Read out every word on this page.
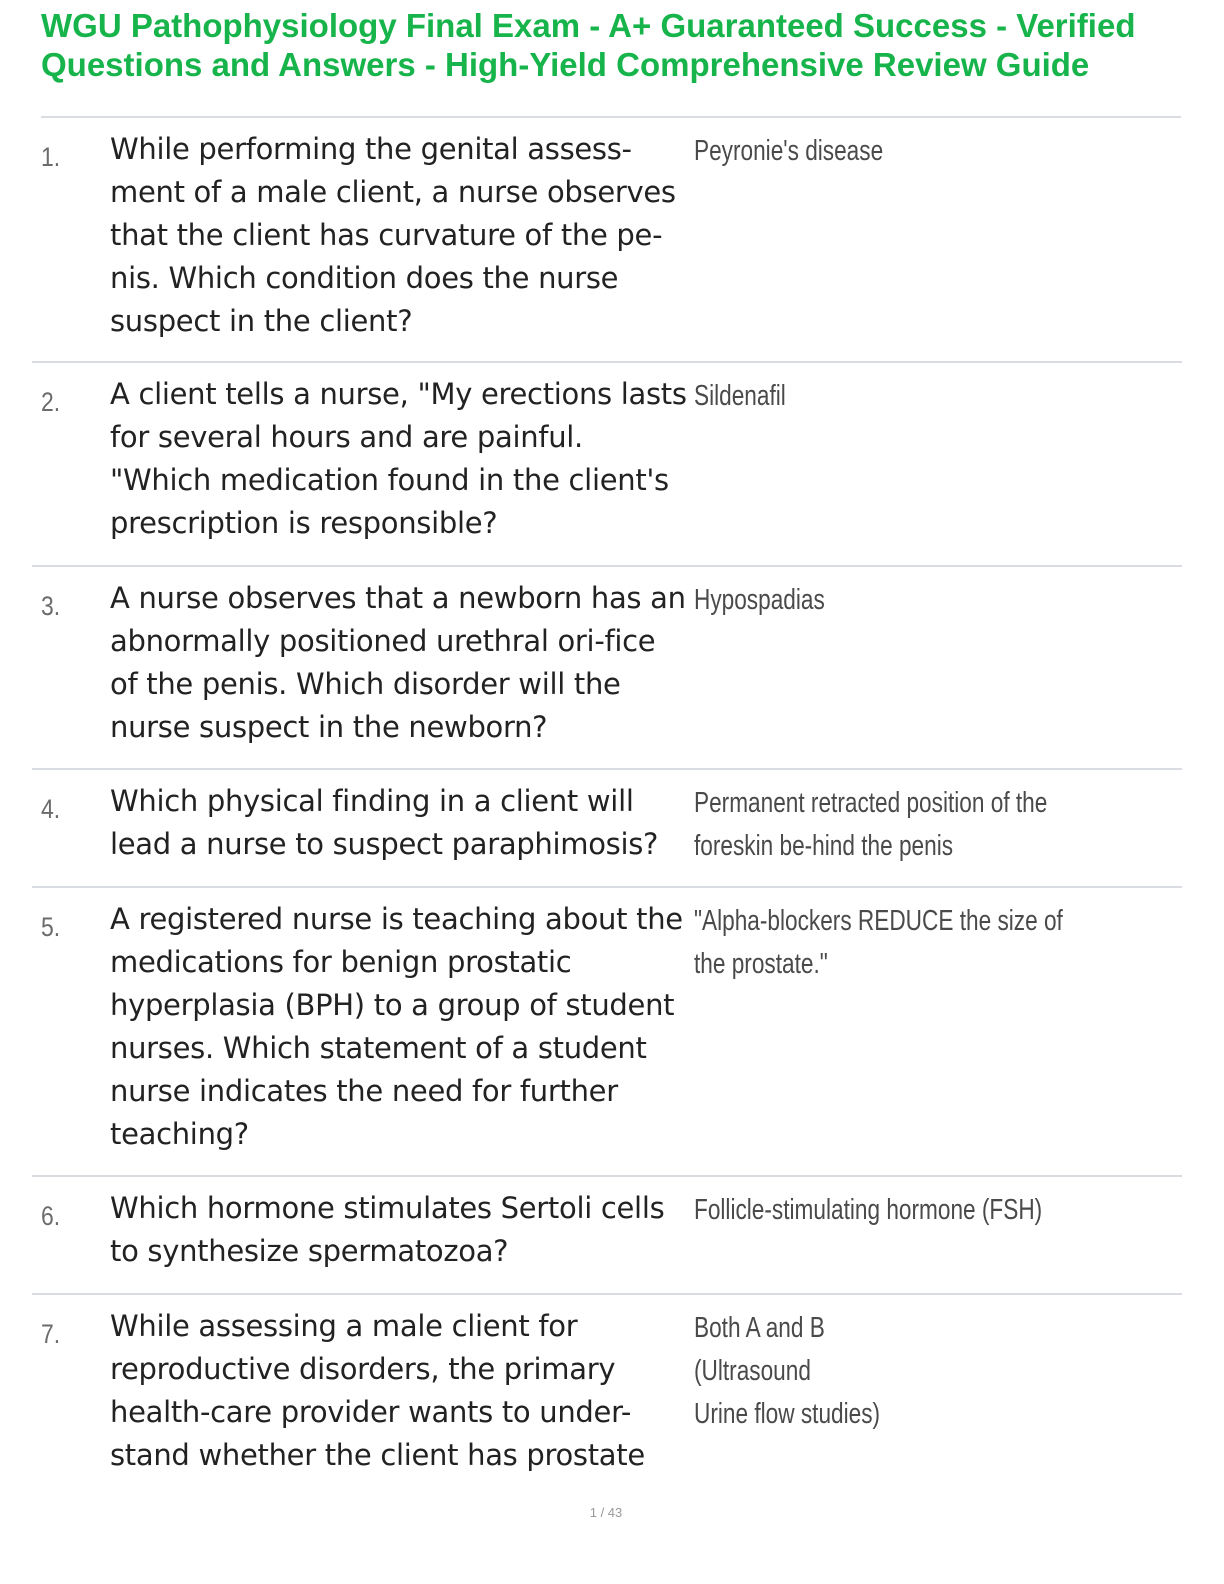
WGU Pathophysiology Final Exam - A+ Guaranteed Success - Verified Questions and Answers - High-Yield Comprehensive Review Guide
1. While performing the genital assess-ment of a male client, a nurse observes that the client has curvature of the pe-nis. Which condition does the nurse suspect in the client?
Peyronie's disease
2. A client tells a nurse, "My erections lasts for several hours and are painful. "Which medication found in the client's prescription is responsible?
Sildenafil
3. A nurse observes that a newborn has an abnormally positioned urethral ori-fice of the penis. Which disorder will the nurse suspect in the newborn?
Hypospadias
4. Which physical finding in a client will lead a nurse to suspect paraphimosis?
Permanent retracted position of the foreskin be-hind the penis
5. A registered nurse is teaching about the medications for benign prostatic hyperplasia (BPH) to a group of student nurses. Which statement of a student nurse indicates the need for further teaching?
"Alpha-blockers REDUCE the size of the prostate."
6. Which hormone stimulates Sertoli cells to synthesize spermatozoa?
Follicle-stimulating hormone (FSH)
7. While assessing a male client for reproductive disorders, the primary health-care provider wants to under-stand whether the client has prostate
Both A and B
(Ultrasound
Urine flow studies)
1 / 43
